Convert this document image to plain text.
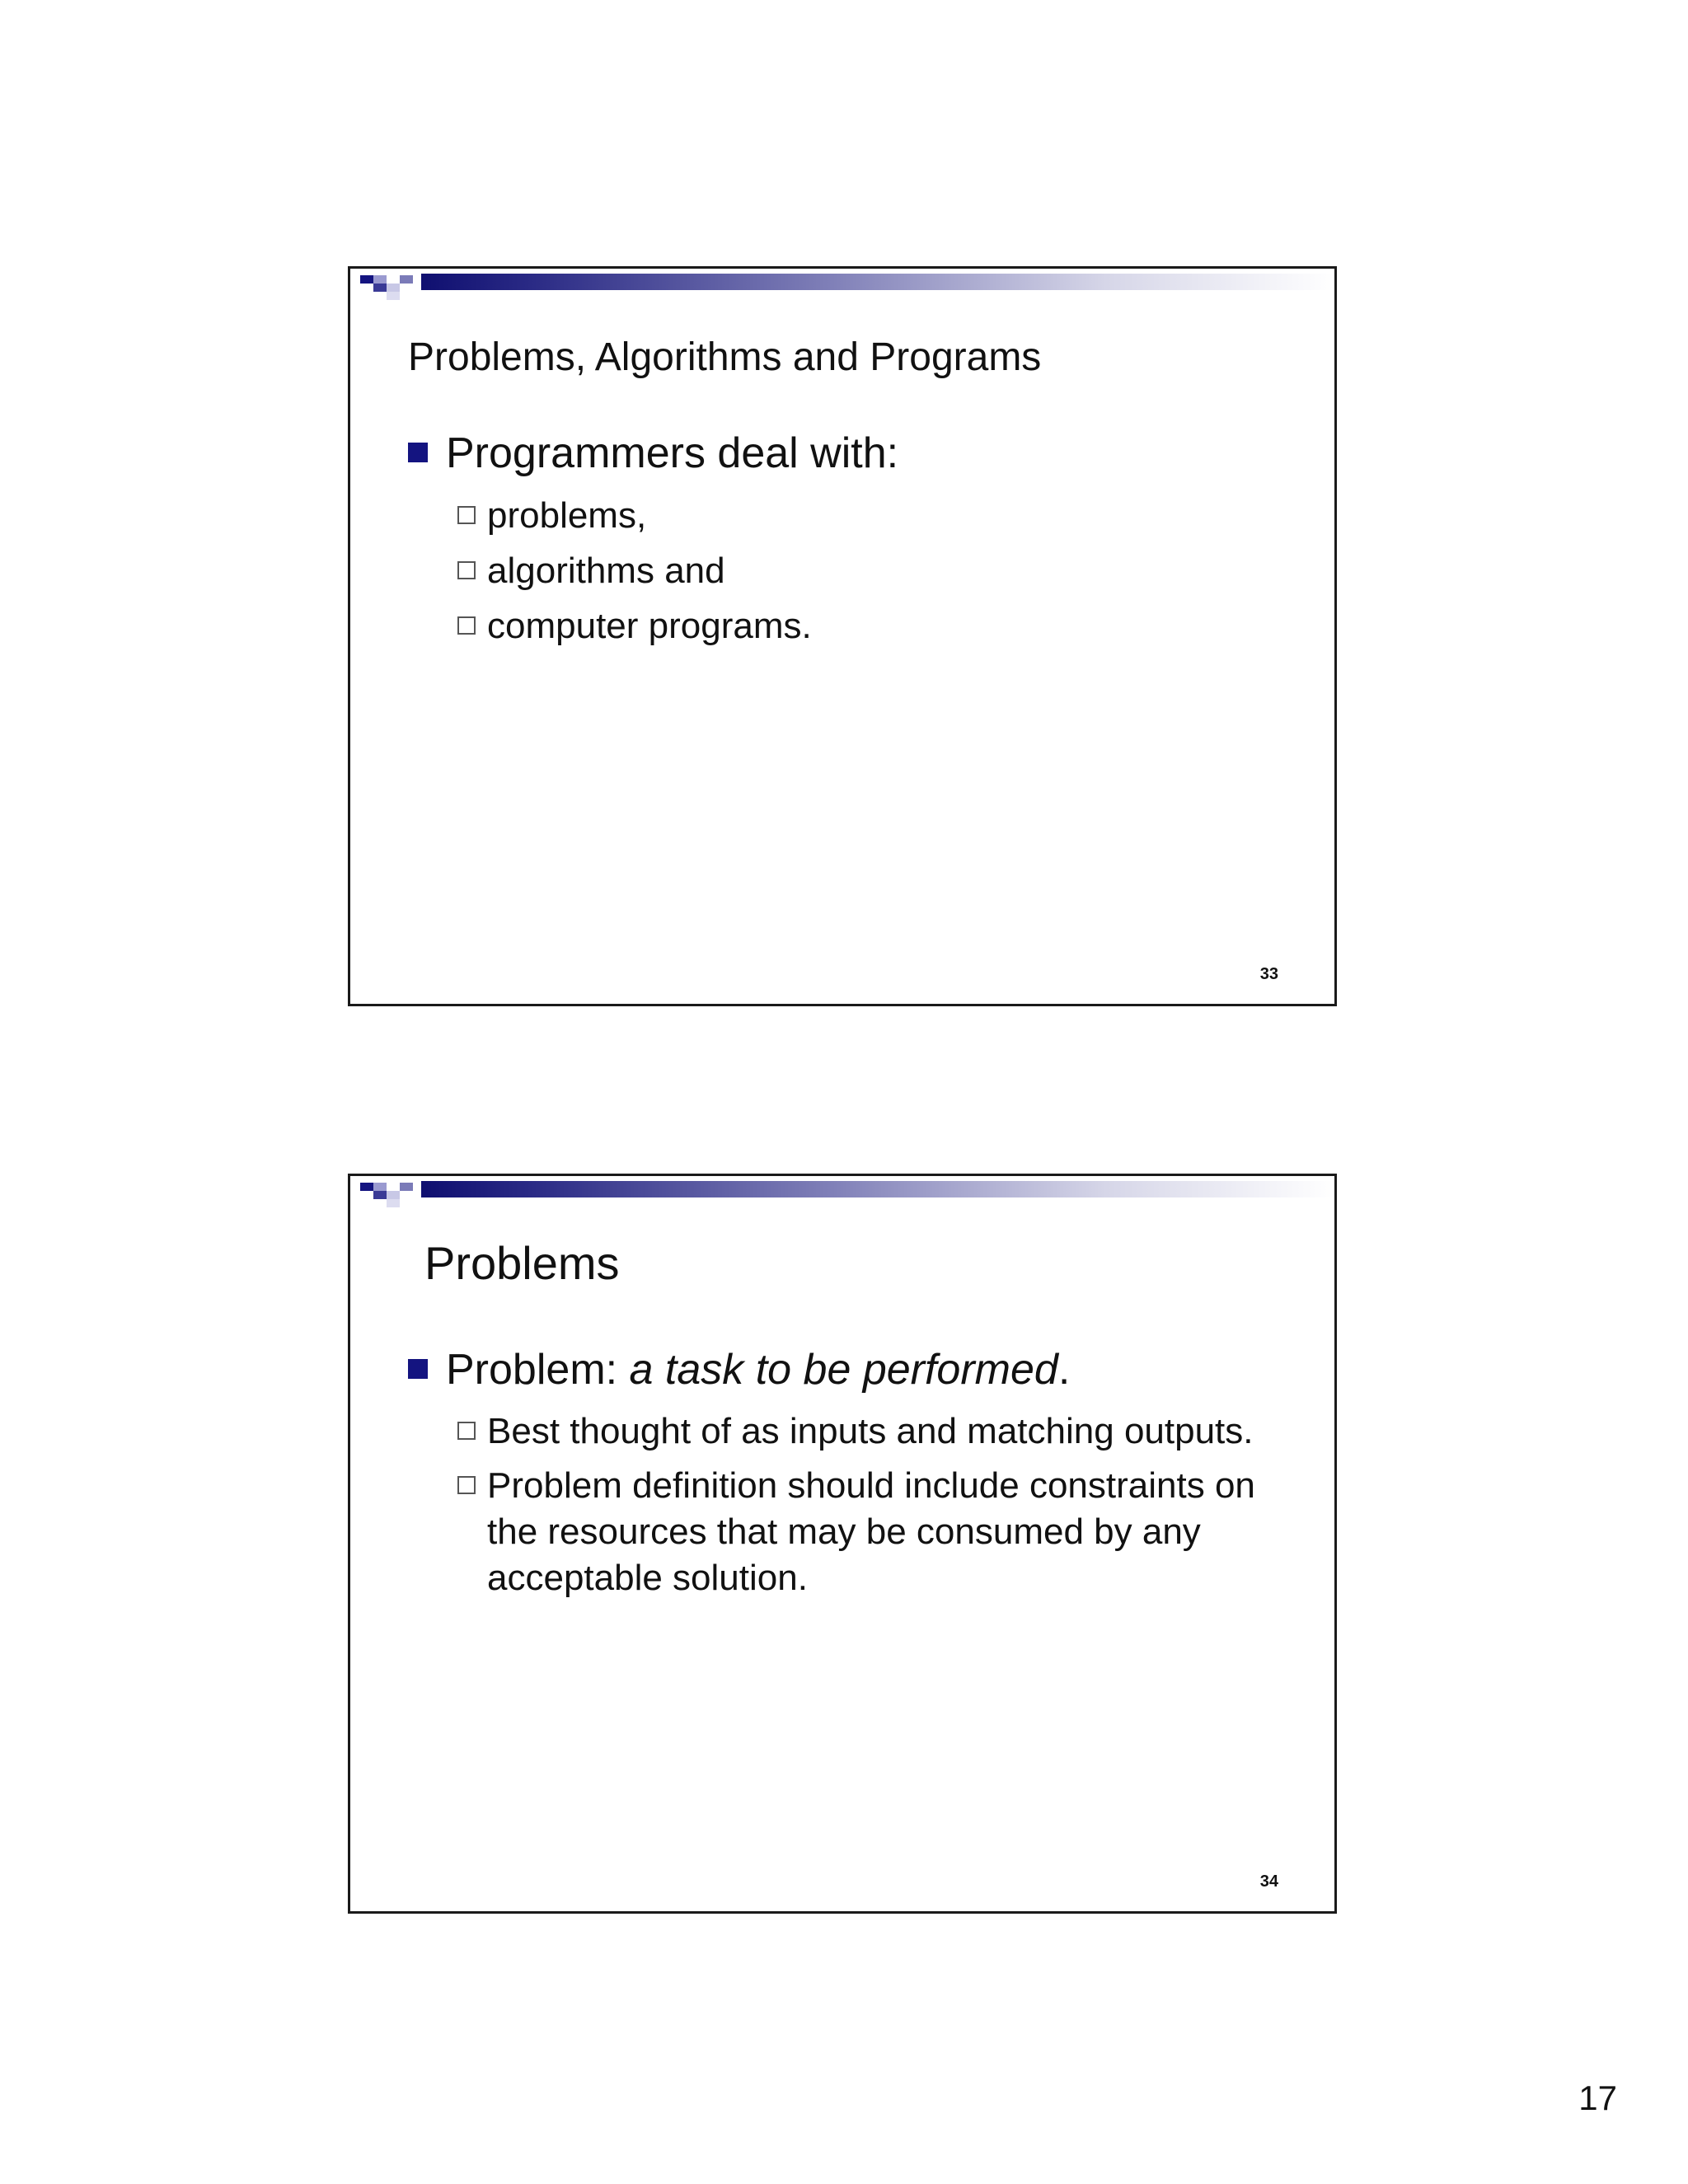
Problems, Algorithms and Programs
Programmers deal with:
problems,
algorithms and
computer programs.
33
Problems
Problem: a task to be performed.
Best thought of as inputs and matching outputs.
Problem definition should include constraints on the resources that may be consumed by any acceptable solution.
34
17
